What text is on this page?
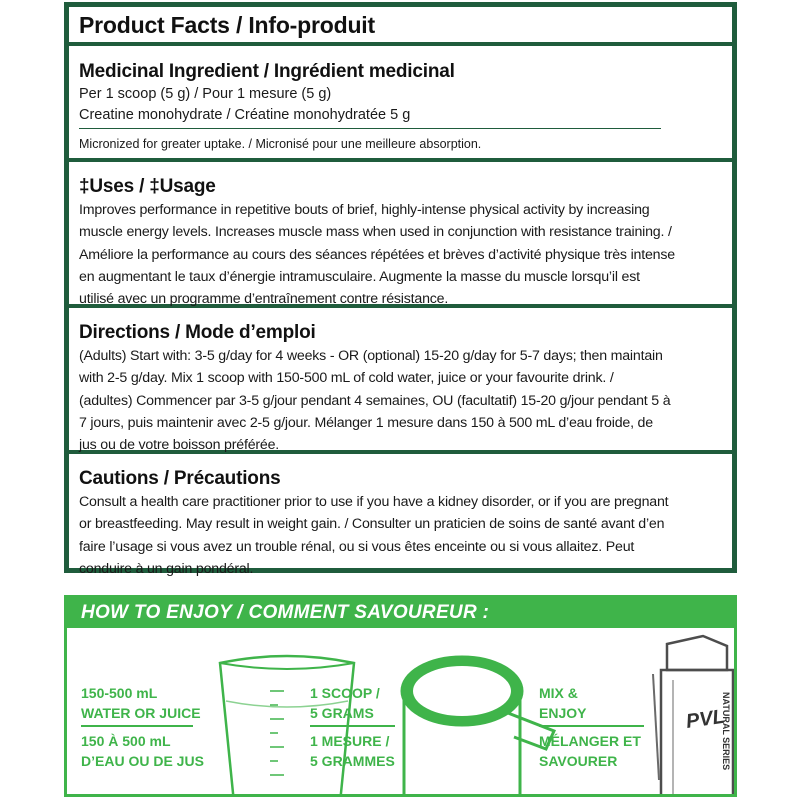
Product Facts / Info-produit
Medicinal Ingredient / Ingrédient medicinal
Per 1 scoop (5 g) / Pour 1 mesure (5 g)
Creatine monohydrate / Créatine monohydratée 5 g
Micronized for greater uptake. / Micronisé pour une meilleure absorption.
‡Uses / ‡Usage
Improves performance in repetitive bouts of brief, highly-intense physical activity by increasing
muscle energy levels. Increases muscle mass when used in conjunction with resistance training. /
Améliore la performance au cours des séances répétées et brèves d’activité physique très intense
en augmentant le taux d’énergie intramusculaire. Augmente la masse du muscle lorsqu’il est
utilisé avec un programme d’entraînement contre résistance.
Directions / Mode d’emploi
(Adults) Start with: 3-5 g/day for 4 weeks - OR (optional) 15-20 g/day for 5-7 days; then maintain
with 2-5 g/day. Mix 1 scoop with 150-500 mL of cold water, juice or your favourite drink. /
(adultes) Commencer par 3-5 g/jour pendant 4 semaines, OU (facultatif) 15-20 g/jour pendant 5 à
7 jours, puis maintenir avec 2-5 g/jour. Mélanger 1 mesure dans 150 à 500 mL d’eau froide, de
jus ou de votre boisson préférée.
Cautions / Précautions
Consult a health care practitioner prior to use if you have a kidney disorder, or if you are pregnant
or breastfeeding. May result in weight gain. / Consulter un praticien de soins de santé avant d’en
faire l’usage si vous avez un trouble rénal, ou si vous êtes enceinte ou si vous allaitez. Peut
conduire à un gain pondéral.
HOW TO ENJOY / COMMENT SAVOUREUR :
PVL
NATURAL SERIES
150-500 mL
WATER OR JUICE
150 À 500 mL
D’EAU OU DE JUS
1 SCOOP /
5 GRAMS
1 MESURE /
5 GRAMMES
MIX &
ENJOY
MÉLANGER ET
SAVOURER
